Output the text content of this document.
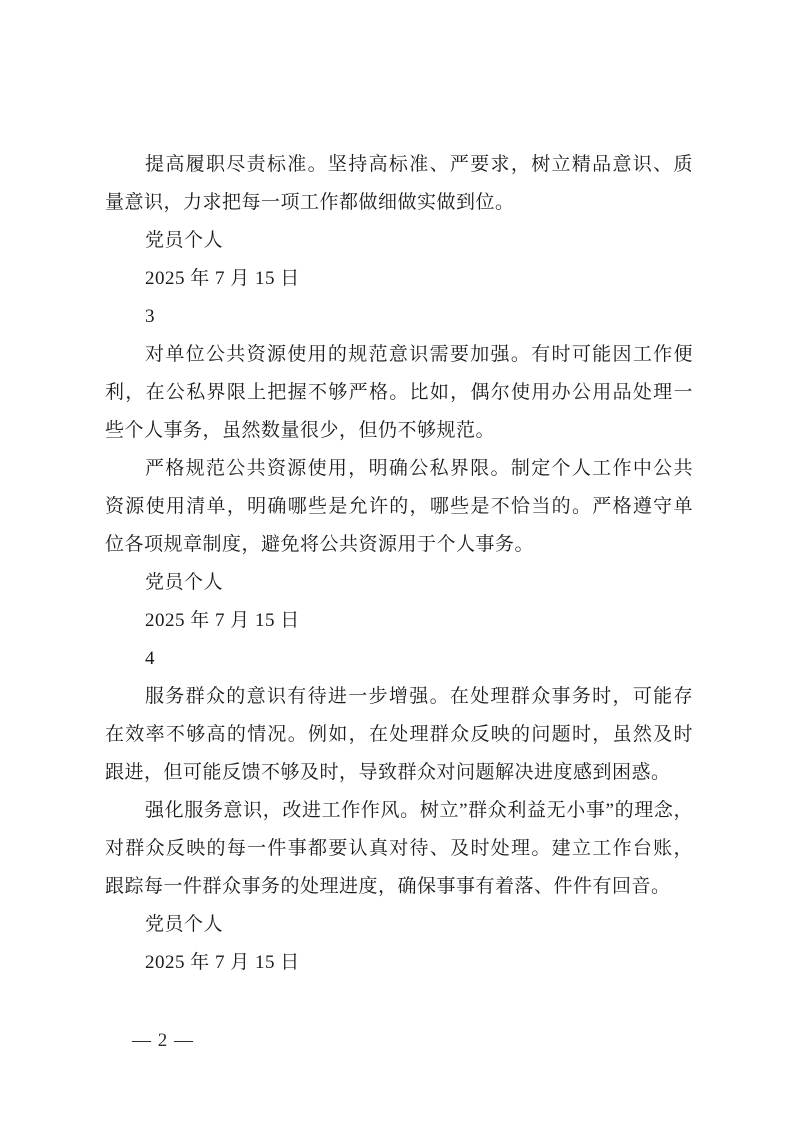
提高履职尽责标准。坚持高标准、严要求，树立精品意识、质
量意识，力求把每一项工作都做细做实做到位。
党员个人
2025 年 7 月 15 日
3
对单位公共资源使用的规范意识需要加强。有时可能因工作便
利，在公私界限上把握不够严格。比如，偶尔使用办公用品处理一
些个人事务，虽然数量很少，但仍不够规范。
严格规范公共资源使用，明确公私界限。制定个人工作中公共
资源使用清单，明确哪些是允许的，哪些是不恰当的。严格遵守单
位各项规章制度，避免将公共资源用于个人事务。
党员个人
2025 年 7 月 15 日
4
服务群众的意识有待进一步增强。在处理群众事务时，可能存
在效率不够高的情况。例如，在处理群众反映的问题时，虽然及时
跟进，但可能反馈不够及时，导致群众对问题解决进度感到困惑。
强化服务意识，改进工作作风。树立”群众利益无小事”的理念，
对群众反映的每一件事都要认真对待、及时处理。建立工作台账，
跟踪每一件群众事务的处理进度，确保事事有着落、件件有回音。
党员个人
2025 年 7 月 15 日
— 2 —
